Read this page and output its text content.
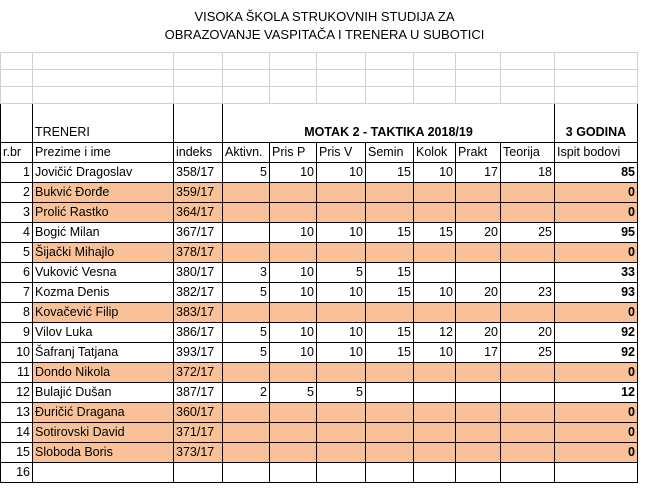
VISOKA ŠKOLA STRUKOVNIH STUDIJA ZA
OBRAZOVANJE VASPITAČA I TRENERA U SUBOTICI

	TRENERI		MOTAK 2 - TAKTIKA 2018/19							3 GODINA
r.br	Prezime i ime	indeks	Aktivn.	Pris P	Pris V	Semin	Kolok	Prakt	Teorija	Ispit bodovi
1	Jovičić Dragoslav	358/17	5	10	10	15	10	17	18	85
2	Bukvić Đorđe	359/17								0
3	Prolić Rastko	364/17								0
4	Bogić Milan	367/17		10	10	15	15	20	25	95
5	Šijački Mihajlo	378/17								0
6	Vuković Vesna	380/17	3	10	5	15				33
7	Kozma Denis	382/17	5	10	10	15	10	20	23	93
8	Kovačević Filip	383/17								0
9	Vilov Luka	386/17	5	10	10	15	12	20	20	92
10	Šafranj Tatjana	393/17	5	10	10	15	10	17	25	92
11	Dondo Nikola	372/17								0
12	Bulajić Dušan	387/17	2	5	5					12
13	Đuričić Dragana	360/17								0
14	Sotirovski David	371/17								0
15	Sloboda Boris	373/17								0
16										
